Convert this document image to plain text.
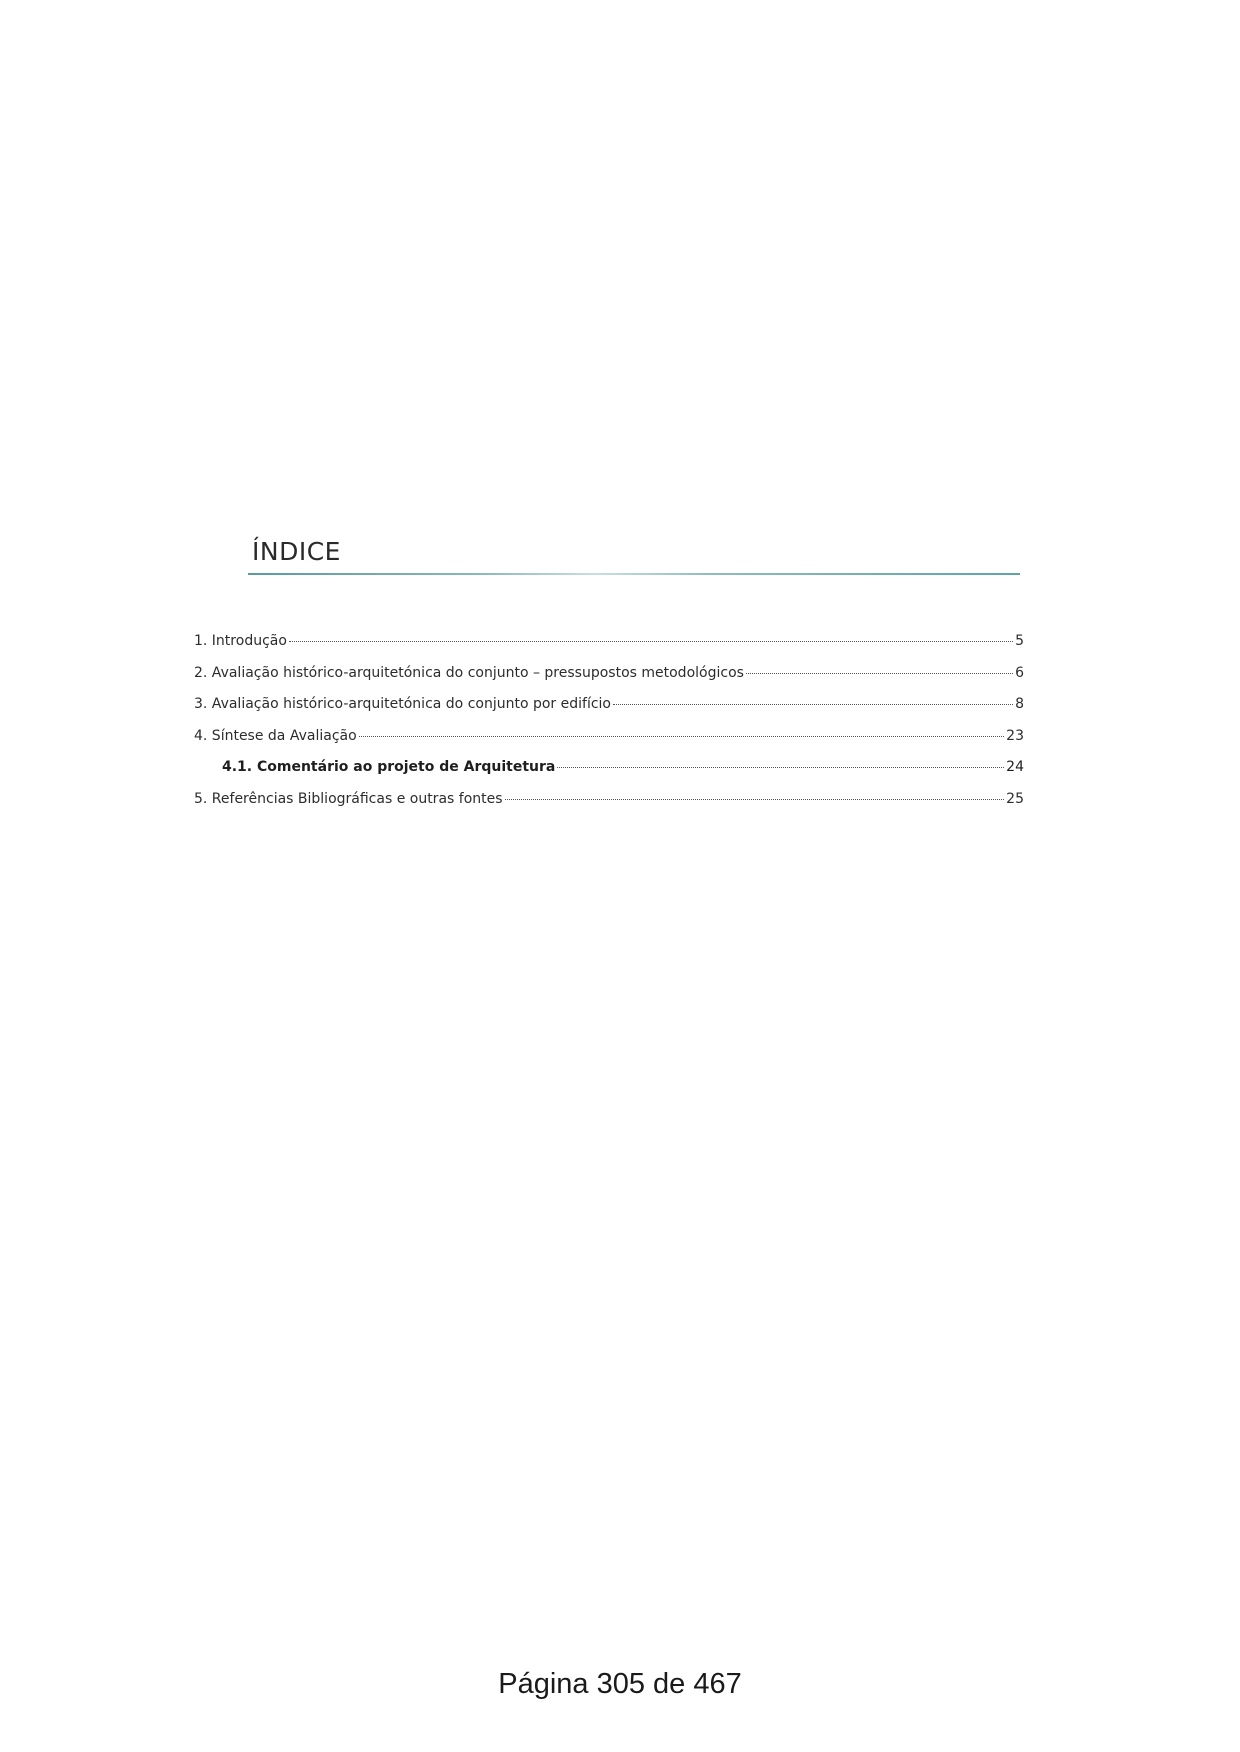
ÍNDICE
1. Introdução	5
2. Avaliação histórico-arquitetónica do conjunto – pressupostos metodológicos	6
3. Avaliação histórico-arquitetónica do conjunto por edifício	8
4. Síntese da Avaliação	23
4.1. Comentário ao projeto de Arquitetura	24
5. Referências Bibliográficas e outras fontes	25
Página 305 de 467
